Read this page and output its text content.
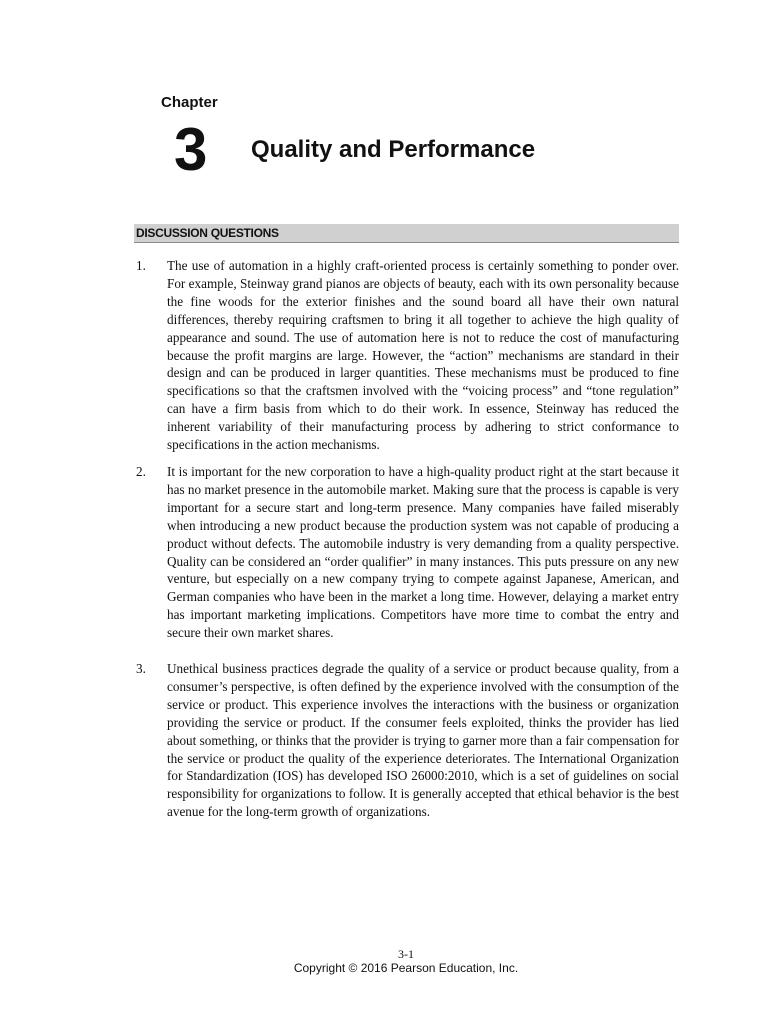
Chapter
3 Quality and Performance
DISCUSSION QUESTIONS
1.	The use of automation in a highly craft-oriented process is certainly something to ponder over. For example, Steinway grand pianos are objects of beauty, each with its own personality because the fine woods for the exterior finishes and the sound board all have their own natural differences, thereby requiring craftsmen to bring it all together to achieve the high quality of appearance and sound. The use of automation here is not to reduce the cost of manufacturing because the profit margins are large. However, the “action” mechanisms are standard in their design and can be produced in larger quantities. These mechanisms must be produced to fine specifications so that the craftsmen involved with the “voicing process” and “tone regulation” can have a firm basis from which to do their work. In essence, Steinway has reduced the inherent variability of their manufacturing process by adhering to strict conformance to specifications in the action mechanisms.
2.	It is important for the new corporation to have a high-quality product right at the start because it has no market presence in the automobile market. Making sure that the process is capable is very important for a secure start and long-term presence. Many companies have failed miserably when introducing a new product because the production system was not capable of producing a product without defects. The automobile industry is very demanding from a quality perspective. Quality can be considered an “order qualifier” in many instances. This puts pressure on any new venture, but especially on a new company trying to compete against Japanese, American, and German companies who have been in the market a long time. However, delaying a market entry has important marketing implications. Competitors have more time to combat the entry and secure their own market shares.
3.	Unethical business practices degrade the quality of a service or product because quality, from a consumer’s perspective, is often defined by the experience involved with the consumption of the service or product. This experience involves the interactions with the business or organization providing the service or product. If the consumer feels exploited, thinks the provider has lied about something, or thinks that the provider is trying to garner more than a fair compensation for the service or product the quality of the experience deteriorates. The International Organization for Standardization (IOS) has developed ISO 26000:2010, which is a set of guidelines on social responsibility for organizations to follow. It is generally accepted that ethical behavior is the best avenue for the long-term growth of organizations.
3-1
Copyright © 2016 Pearson Education, Inc.
